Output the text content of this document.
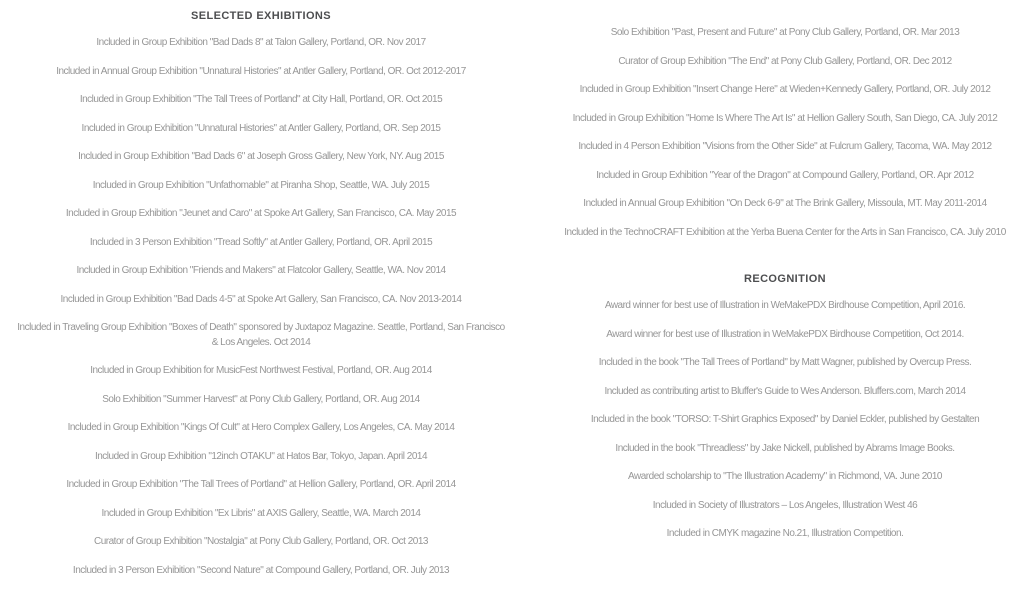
SELECTED EXHIBITIONS

Included in Group Exhibition "Bad Dads 8" at Talon Gallery, Portland, OR. Nov 2017

Included in Annual Group Exhibition "Unnatural Histories" at Antler Gallery, Portland, OR. Oct 2012-2017

Included in Group Exhibition "The Tall Trees of Portland" at City Hall, Portland, OR. Oct 2015

Included in Group Exhibition "Unnatural Histories" at Antler Gallery, Portland, OR. Sep 2015

Included in Group Exhibition "Bad Dads 6" at Joseph Gross Gallery, New York, NY. Aug 2015

Included in Group Exhibition "Unfathomable" at Piranha Shop, Seattle, WA. July 2015

Included in Group Exhibition "Jeunet and Caro" at Spoke Art Gallery, San Francisco, CA. May 2015

Included in 3 Person Exhibition "Tread Softly" at Antler Gallery, Portland, OR. April 2015

Included in Group Exhibition "Friends and Makers" at Flatcolor Gallery, Seattle, WA. Nov 2014

Included in Group Exhibition "Bad Dads 4-5" at Spoke Art Gallery, San Francisco, CA. Nov 2013-2014

Included in Traveling Group Exhibition "Boxes of Death" sponsored by Juxtapoz Magazine. Seattle, Portland, San Francisco & Los Angeles. Oct 2014

Included in Group Exhibition for MusicFest Northwest Festival, Portland, OR. Aug 2014

Solo Exhibition "Summer Harvest" at Pony Club Gallery, Portland, OR. Aug 2014

Included in Group Exhibition "Kings Of Cult" at Hero Complex Gallery, Los Angeles, CA. May 2014

Included in Group Exhibition "12inch OTAKU" at Hatos Bar, Tokyo, Japan. April 2014

Included in Group Exhibition "The Tall Trees of Portland" at Hellion Gallery, Portland, OR. April 2014

Included in Group Exhibition "Ex Libris" at AXIS Gallery, Seattle, WA. March 2014

Curator of Group Exhibition "Nostalgia" at Pony Club Gallery, Portland, OR. Oct 2013

Included in 3 Person Exhibition "Second Nature" at Compound Gallery, Portland, OR. July 2013

Solo Exhibition "Past, Present and Future" at Pony Club Gallery, Portland, OR. Mar 2013

Curator of Group Exhibition "The End" at Pony Club Gallery, Portland, OR. Dec 2012

Included in Group Exhibition "Insert Change Here" at Wieden+Kennedy Gallery, Portland, OR. July 2012

Included in Group Exhibition "Home Is Where The Art Is" at Hellion Gallery South, San Diego, CA. July 2012

Included in 4 Person Exhibition "Visions from the Other Side" at Fulcrum Gallery, Tacoma, WA. May 2012

Included in Group Exhibition "Year of the Dragon" at Compound Gallery, Portland, OR. Apr 2012

Included in Annual Group Exhibition "On Deck 6-9" at The Brink Gallery, Missoula, MT. May 2011-2014

Included in the TechnoCRAFT Exhibition at the Yerba Buena Center for the Arts in San Francisco, CA. July 2010

RECOGNITION

Award winner for best use of Illustration in WeMakePDX Birdhouse Competition, April 2016.

Award winner for best use of Illustration in WeMakePDX Birdhouse Competition, Oct 2014.

Included in the book "The Tall Trees of Portland" by Matt Wagner, published by Overcup Press.

Included as contributing artist to Bluffer's Guide to Wes Anderson. Bluffers.com, March 2014

Included in the book "TORSO: T-Shirt Graphics Exposed" by Daniel Eckler, published by Gestalten

Included in the book "Threadless" by Jake Nickell, published by Abrams Image Books.

Awarded scholarship to "The Illustration Academy" in Richmond, VA. June 2010

Included in Society of Illustrators – Los Angeles, Illustration West 46

Included in CMYK magazine No.21, Illustration Competition.
